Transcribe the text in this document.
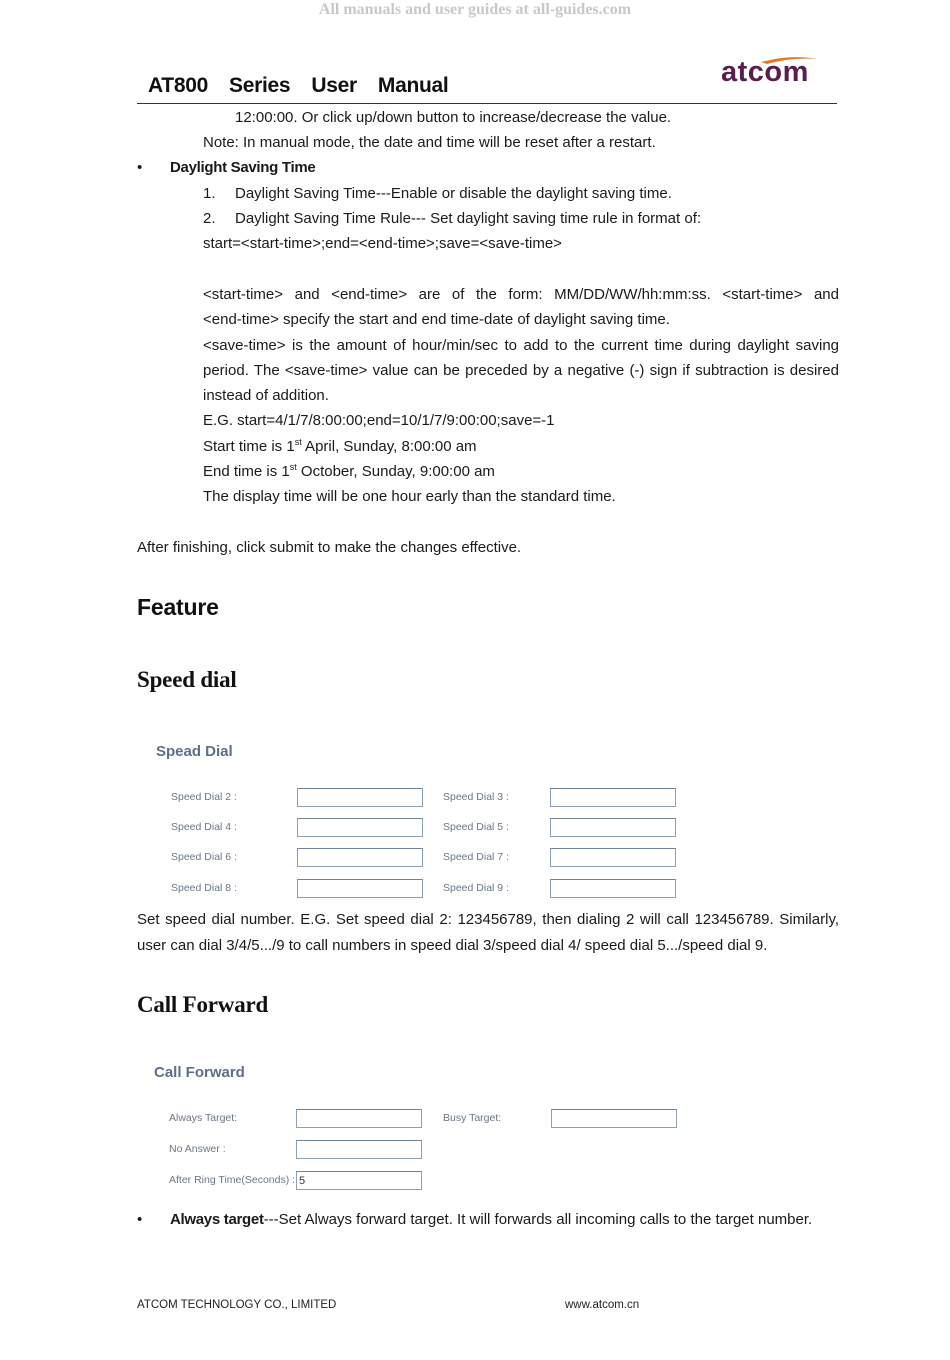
All manuals and user guides at all-guides.com
AT800  Series  User  Manual	atcom
12:00:00. Or click up/down button to increase/decrease the value.
Note: In manual mode, the date and time will be reset after a restart.
• Daylight Saving Time
1. Daylight Saving Time---Enable or disable the daylight saving time.
2. Daylight Saving Time Rule--- Set daylight saving time rule in format of:
start=<start-time>;end=<end-time>;save=<save-time>
<start-time> and <end-time> are of the form: MM/DD/WW/hh:mm:ss. <start-time> and
<end-time> specify the start and end time-date of daylight saving time.
<save-time> is the amount of hour/min/sec to add to the current time during daylight saving
period. The <save-time> value can be preceded by a negative (-) sign if subtraction is desired
instead of addition.
E.G. start=4/1/7/8:00:00;end=10/1/7/9:00:00;save=-1
Start time is 1st April, Sunday, 8:00:00 am
End time is 1st October, Sunday, 9:00:00 am
The display time will be one hour early than the standard time.
After finishing, click submit to make the changes effective.
Feature
Speed dial
Spead Dial
Speed Dial 2 :	Speed Dial 3 :
Speed Dial 4 :	Speed Dial 5 :
Speed Dial 6 :	Speed Dial 7 :
Speed Dial 8 :	Speed Dial 9 :
Set speed dial number. E.G. Set speed dial 2: 123456789, then dialing 2 will call 123456789. Similarly,
user can dial 3/4/5.../9 to call numbers in speed dial 3/speed dial 4/ speed dial 5.../speed dial 9.
Call Forward
Call Forward
Always Target:	Busy Target:
No Answer :
After Ring Time(Seconds) :
5
• Always target---Set Always forward target. It will forwards all incoming calls to the target number.
ATCOM TECHNOLOGY CO., LIMITED	www.atcom.cn
